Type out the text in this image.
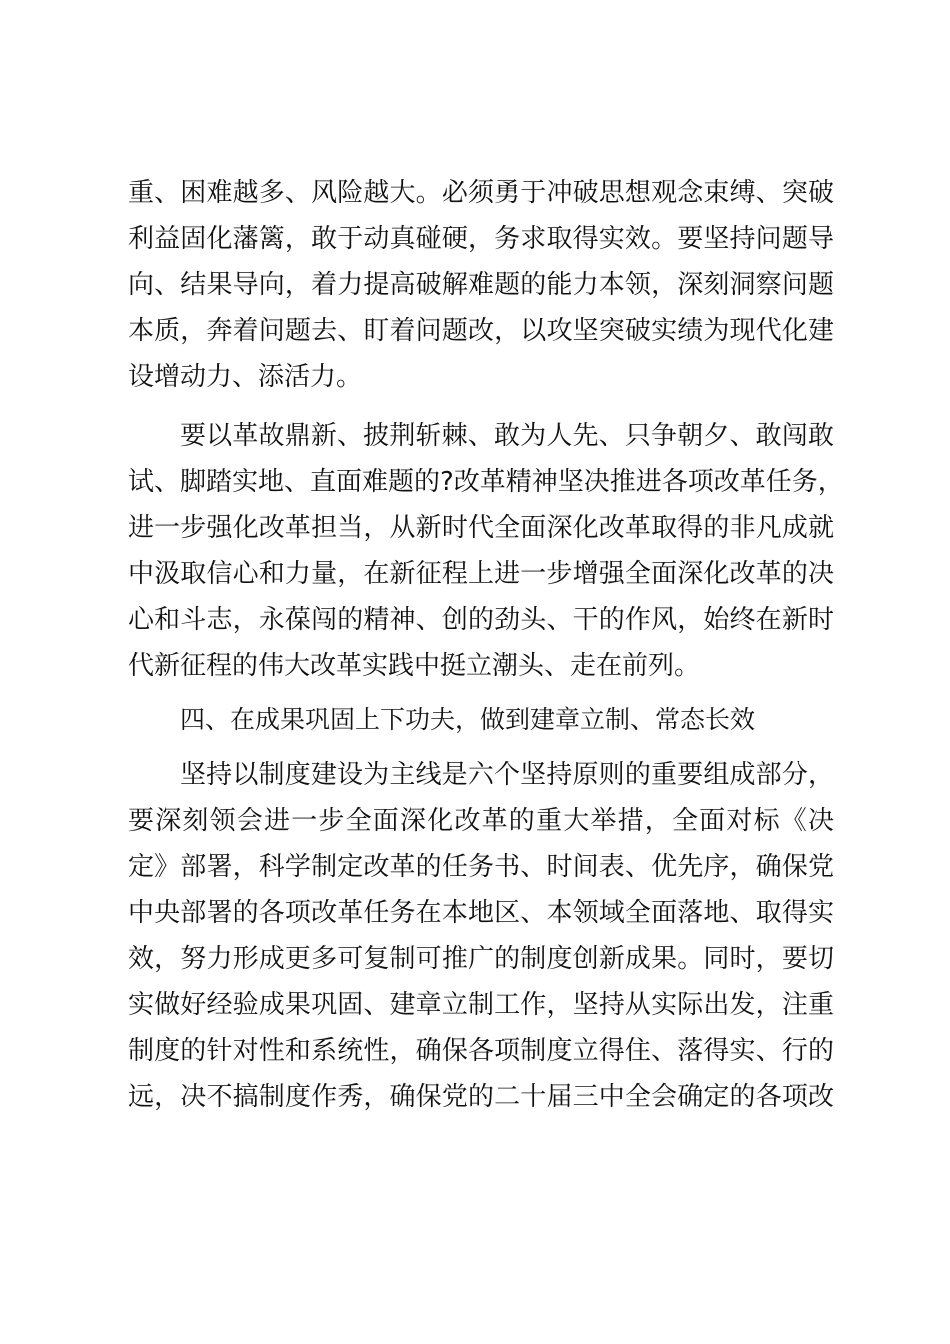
重、困难越多、风险越大。必须勇于冲破思想观念束缚、突破
利益固化藩篱，敢于动真碰硬，务求取得实效。要坚持问题导
向、结果导向，着力提高破解难题的能力本领，深刻洞察问题
本质，奔着问题去、盯着问题改，以攻坚突破实绩为现代化建
设增动力、添活力。
要以革故鼎新、披荆斩棘、敢为人先、只争朝夕、敢闯敢
试、脚踏实地、直面难题的?改革精神坚决推进各项改革任务，
进一步强化改革担当，从新时代全面深化改革取得的非凡成就
中汲取信心和力量，在新征程上进一步增强全面深化改革的决
心和斗志，永葆闯的精神、创的劲头、干的作风，始终在新时
代新征程的伟大改革实践中挺立潮头、走在前列。
四、在成果巩固上下功夫，做到建章立制、常态长效
坚持以制度建设为主线是六个坚持原则的重要组成部分，
要深刻领会进一步全面深化改革的重大举措，全面对标《决
定》部署，科学制定改革的任务书、时间表、优先序，确保党
中央部署的各项改革任务在本地区、本领域全面落地、取得实
效，努力形成更多可复制可推广的制度创新成果。同时，要切
实做好经验成果巩固、建章立制工作，坚持从实际出发，注重
制度的针对性和系统性，确保各项制度立得住、落得实、行的
远，决不搞制度作秀，确保党的二十届三中全会确定的各项改
